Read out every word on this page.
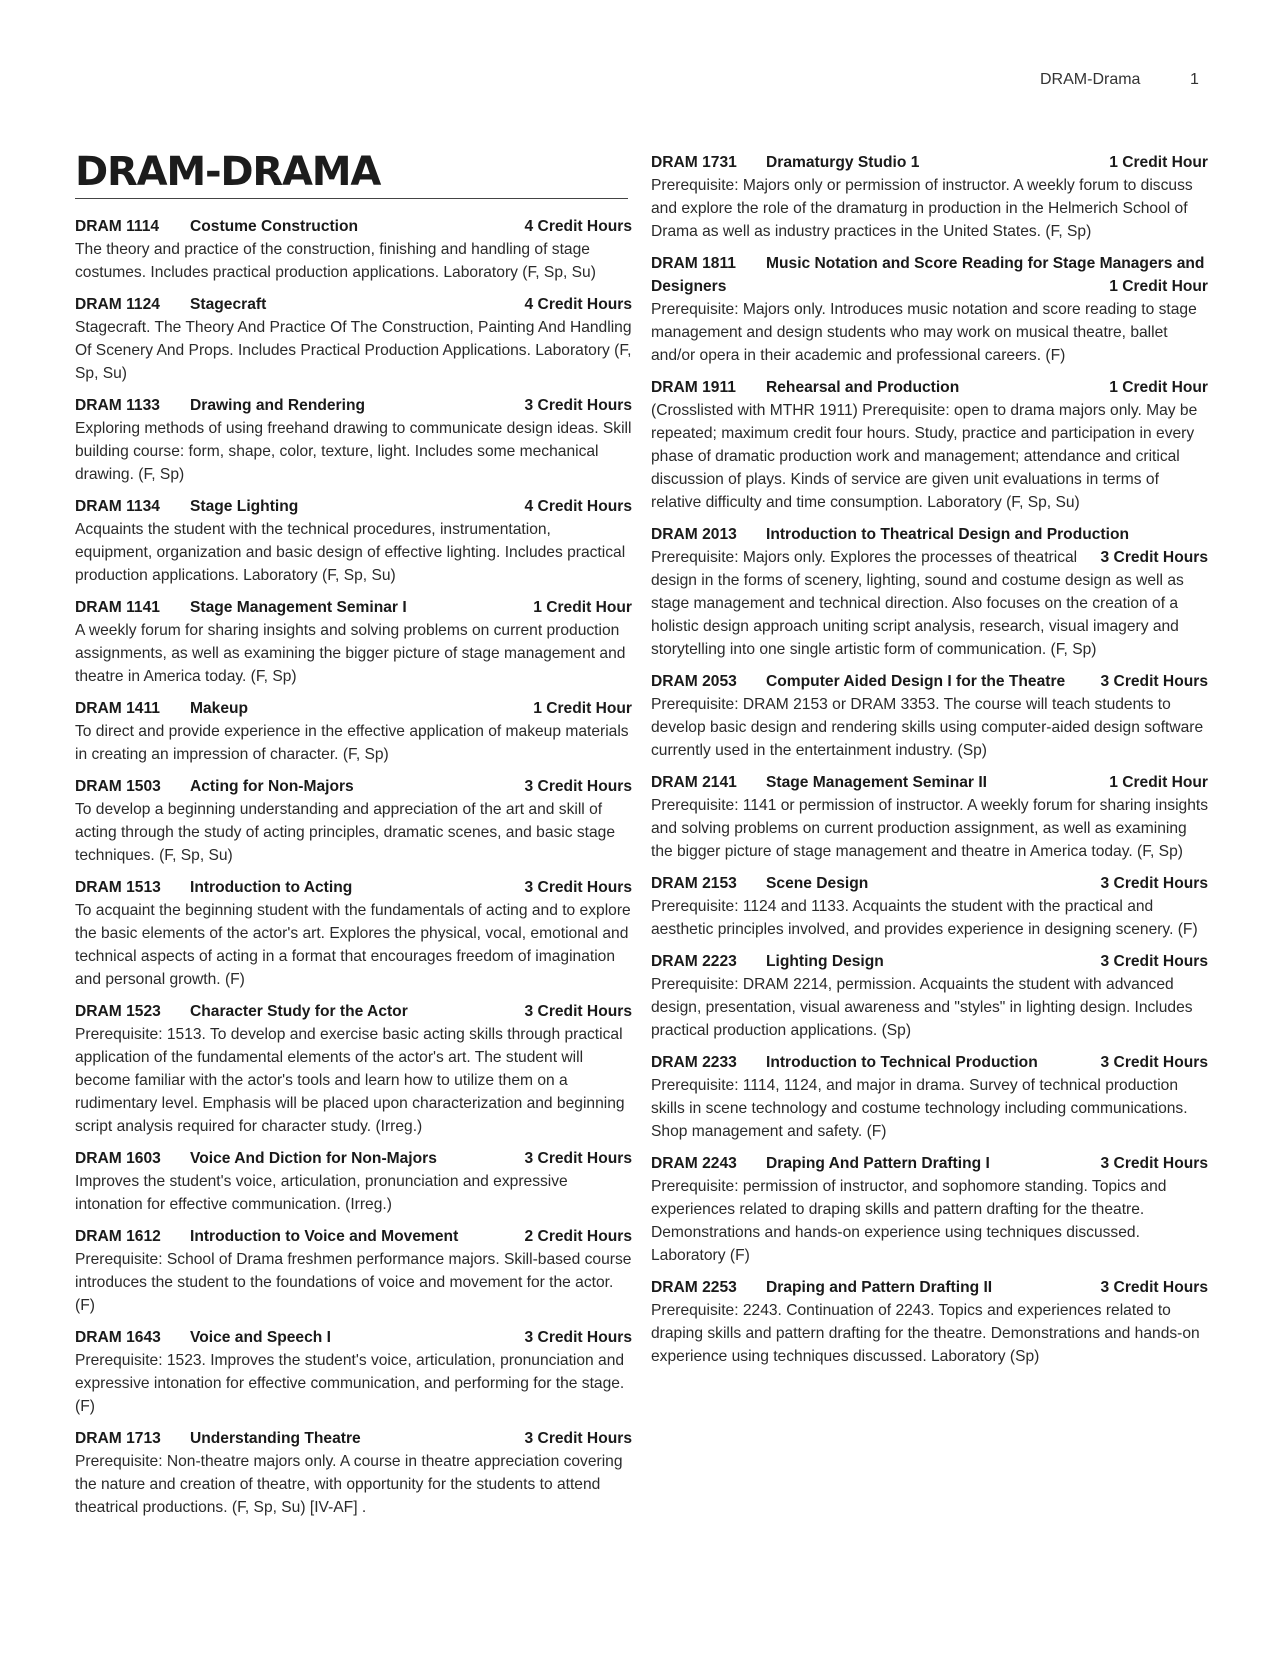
DRAM-Drama	1
DRAM-DRAMA
DRAM 1114 Costume Construction	4 Credit Hours
The theory and practice of the construction, finishing and handling of stage costumes. Includes practical production applications. Laboratory (F, Sp, Su)
DRAM 1124 Stagecraft	4 Credit Hours
Stagecraft. The Theory And Practice Of The Construction, Painting And Handling Of Scenery And Props. Includes Practical Production Applications. Laboratory (F, Sp, Su)
DRAM 1133 Drawing and Rendering	3 Credit Hours
Exploring methods of using freehand drawing to communicate design ideas. Skill building course: form, shape, color, texture, light. Includes some mechanical drawing. (F, Sp)
DRAM 1134 Stage Lighting	4 Credit Hours
Acquaints the student with the technical procedures, instrumentation, equipment, organization and basic design of effective lighting. Includes practical production applications. Laboratory (F, Sp, Su)
DRAM 1141 Stage Management Seminar I	1 Credit Hour
A weekly forum for sharing insights and solving problems on current production assignments, as well as examining the bigger picture of stage management and theatre in America today. (F, Sp)
DRAM 1411 Makeup	1 Credit Hour
To direct and provide experience in the effective application of makeup materials in creating an impression of character. (F, Sp)
DRAM 1503 Acting for Non-Majors	3 Credit Hours
To develop a beginning understanding and appreciation of the art and skill of acting through the study of acting principles, dramatic scenes, and basic stage techniques. (F, Sp, Su)
DRAM 1513 Introduction to Acting	3 Credit Hours
To acquaint the beginning student with the fundamentals of acting and to explore the basic elements of the actor's art. Explores the physical, vocal, emotional and technical aspects of acting in a format that encourages freedom of imagination and personal growth. (F)
DRAM 1523 Character Study for the Actor	3 Credit Hours
Prerequisite: 1513. To develop and exercise basic acting skills through practical application of the fundamental elements of the actor's art. The student will become familiar with the actor's tools and learn how to utilize them on a rudimentary level. Emphasis will be placed upon characterization and beginning script analysis required for character study. (Irreg.)
DRAM 1603 Voice And Diction for Non-Majors	3 Credit Hours
Improves the student's voice, articulation, pronunciation and expressive intonation for effective communication. (Irreg.)
DRAM 1612 Introduction to Voice and Movement	2 Credit Hours
Prerequisite: School of Drama freshmen performance majors. Skill-based course introduces the student to the foundations of voice and movement for the actor. (F)
DRAM 1643 Voice and Speech I	3 Credit Hours
Prerequisite: 1523. Improves the student's voice, articulation, pronunciation and expressive intonation for effective communication, and performing for the stage. (F)
DRAM 1713 Understanding Theatre	3 Credit Hours
Prerequisite: Non-theatre majors only. A course in theatre appreciation covering the nature and creation of theatre, with opportunity for the students to attend theatrical productions. (F, Sp, Su) [IV-AF] .
DRAM 1731 Dramaturgy Studio 1	1 Credit Hour
Prerequisite: Majors only or permission of instructor. A weekly forum to discuss and explore the role of the dramaturg in production in the Helmerich School of Drama as well as industry practices in the United States. (F, Sp)
DRAM 1811 Music Notation and Score Reading for Stage Managers and Designers	1 Credit Hour
Prerequisite: Majors only. Introduces music notation and score reading to stage management and design students who may work on musical theatre, ballet and/or opera in their academic and professional careers. (F)
DRAM 1911 Rehearsal and Production	1 Credit Hour
(Crosslisted with MTHR 1911) Prerequisite: open to drama majors only. May be repeated; maximum credit four hours. Study, practice and participation in every phase of dramatic production work and management; attendance and critical discussion of plays. Kinds of service are given unit evaluations in terms of relative difficulty and time consumption. Laboratory (F, Sp, Su)
DRAM 2013 Introduction to Theatrical Design and Production
3 Credit Hours
Prerequisite: Majors only. Explores the processes of theatrical design in the forms of scenery, lighting, sound and costume design as well as stage management and technical direction. Also focuses on the creation of a holistic design approach uniting script analysis, research, visual imagery and storytelling into one single artistic form of communication. (F, Sp)
DRAM 2053 Computer Aided Design I for the Theatre 3 Credit Hours
Prerequisite: DRAM 2153 or DRAM 3353. The course will teach students to develop basic design and rendering skills using computer-aided design software currently used in the entertainment industry. (Sp)
DRAM 2141 Stage Management Seminar II	1 Credit Hour
Prerequisite: 1141 or permission of instructor. A weekly forum for sharing insights and solving problems on current production assignment, as well as examining the bigger picture of stage management and theatre in America today. (F, Sp)
DRAM 2153 Scene Design	3 Credit Hours
Prerequisite: 1124 and 1133. Acquaints the student with the practical and aesthetic principles involved, and provides experience in designing scenery. (F)
DRAM 2223 Lighting Design	3 Credit Hours
Prerequisite: DRAM 2214, permission. Acquaints the student with advanced design, presentation, visual awareness and "styles" in lighting design. Includes practical production applications. (Sp)
DRAM 2233 Introduction to Technical Production	3 Credit Hours
Prerequisite: 1114, 1124, and major in drama. Survey of technical production skills in scene technology and costume technology including communications. Shop management and safety. (F)
DRAM 2243 Draping And Pattern Drafting I	3 Credit Hours
Prerequisite: permission of instructor, and sophomore standing. Topics and experiences related to draping skills and pattern drafting for the theatre. Demonstrations and hands-on experience using techniques discussed. Laboratory (F)
DRAM 2253 Draping and Pattern Drafting II	3 Credit Hours
Prerequisite: 2243. Continuation of 2243. Topics and experiences related to draping skills and pattern drafting for the theatre. Demonstrations and hands-on experience using techniques discussed. Laboratory (Sp)
